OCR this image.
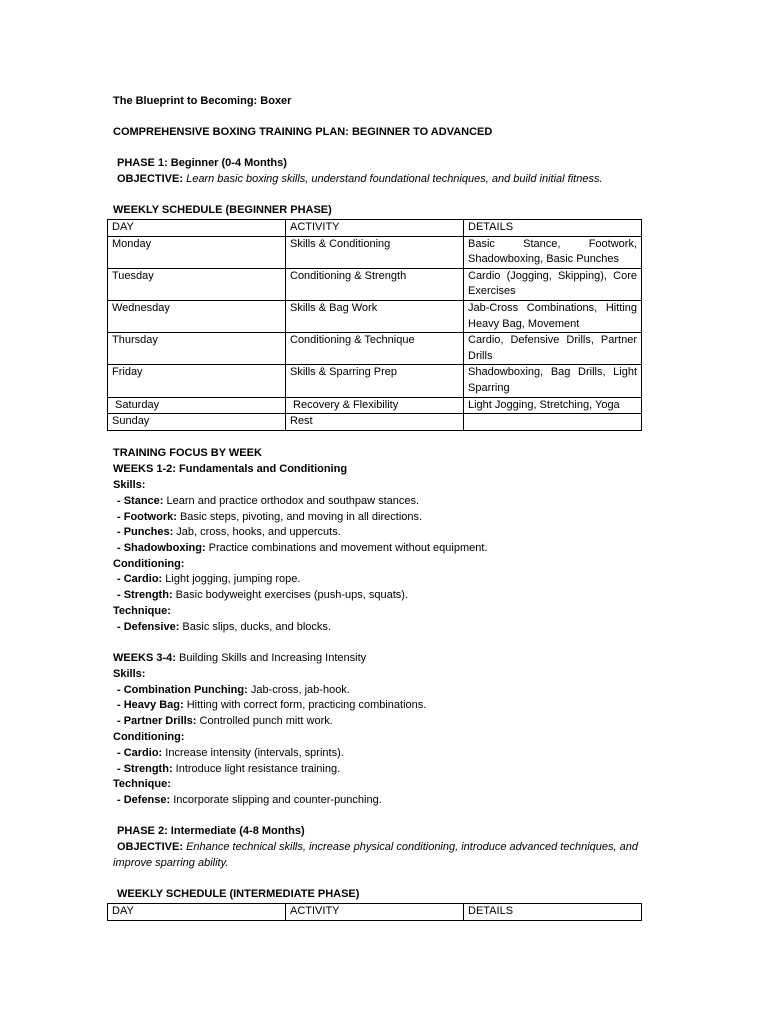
The Blueprint to Becoming: Boxer
COMPREHENSIVE BOXING TRAINING PLAN: BEGINNER TO ADVANCED
PHASE 1: Beginner (0-4 Months)
OBJECTIVE: Learn basic boxing skills, understand foundational techniques, and build initial fitness.
WEEKLY SCHEDULE (BEGINNER PHASE)
DAY	ACTIVITY	DETAILS
Monday	Skills & Conditioning	Basic Stance, Footwork, Shadowboxing, Basic Punches
Tuesday	Conditioning & Strength	Cardio (Jogging, Skipping), Core Exercises
Wednesday	Skills & Bag Work	Jab-Cross Combinations, Hitting Heavy Bag, Movement
Thursday	Conditioning & Technique	Cardio, Defensive Drills, Partner Drills
Friday	Skills & Sparring Prep	Shadowboxing, Bag Drills, Light Sparring
Saturday	Recovery & Flexibility	Light Jogging, Stretching, Yoga
Sunday	Rest	
TRAINING FOCUS BY WEEK
WEEKS 1-2: Fundamentals and Conditioning
Skills:
- Stance: Learn and practice orthodox and southpaw stances.
- Footwork: Basic steps, pivoting, and moving in all directions.
- Punches: Jab, cross, hooks, and uppercuts.
- Shadowboxing: Practice combinations and movement without equipment.
Conditioning:
- Cardio: Light jogging, jumping rope.
- Strength: Basic bodyweight exercises (push-ups, squats).
Technique:
- Defensive: Basic slips, ducks, and blocks.
WEEKS 3-4: Building Skills and Increasing Intensity
Skills:
- Combination Punching: Jab-cross, jab-hook.
- Heavy Bag: Hitting with correct form, practicing combinations.
- Partner Drills: Controlled punch mitt work.
Conditioning:
- Cardio: Increase intensity (intervals, sprints).
- Strength: Introduce light resistance training.
Technique:
- Defense: Incorporate slipping and counter-punching.
PHASE 2: Intermediate (4-8 Months)
OBJECTIVE: Enhance technical skills, increase physical conditioning, introduce advanced techniques, and
improve sparring ability.
WEEKLY SCHEDULE (INTERMEDIATE PHASE)
DAY	ACTIVITY	DETAILS
